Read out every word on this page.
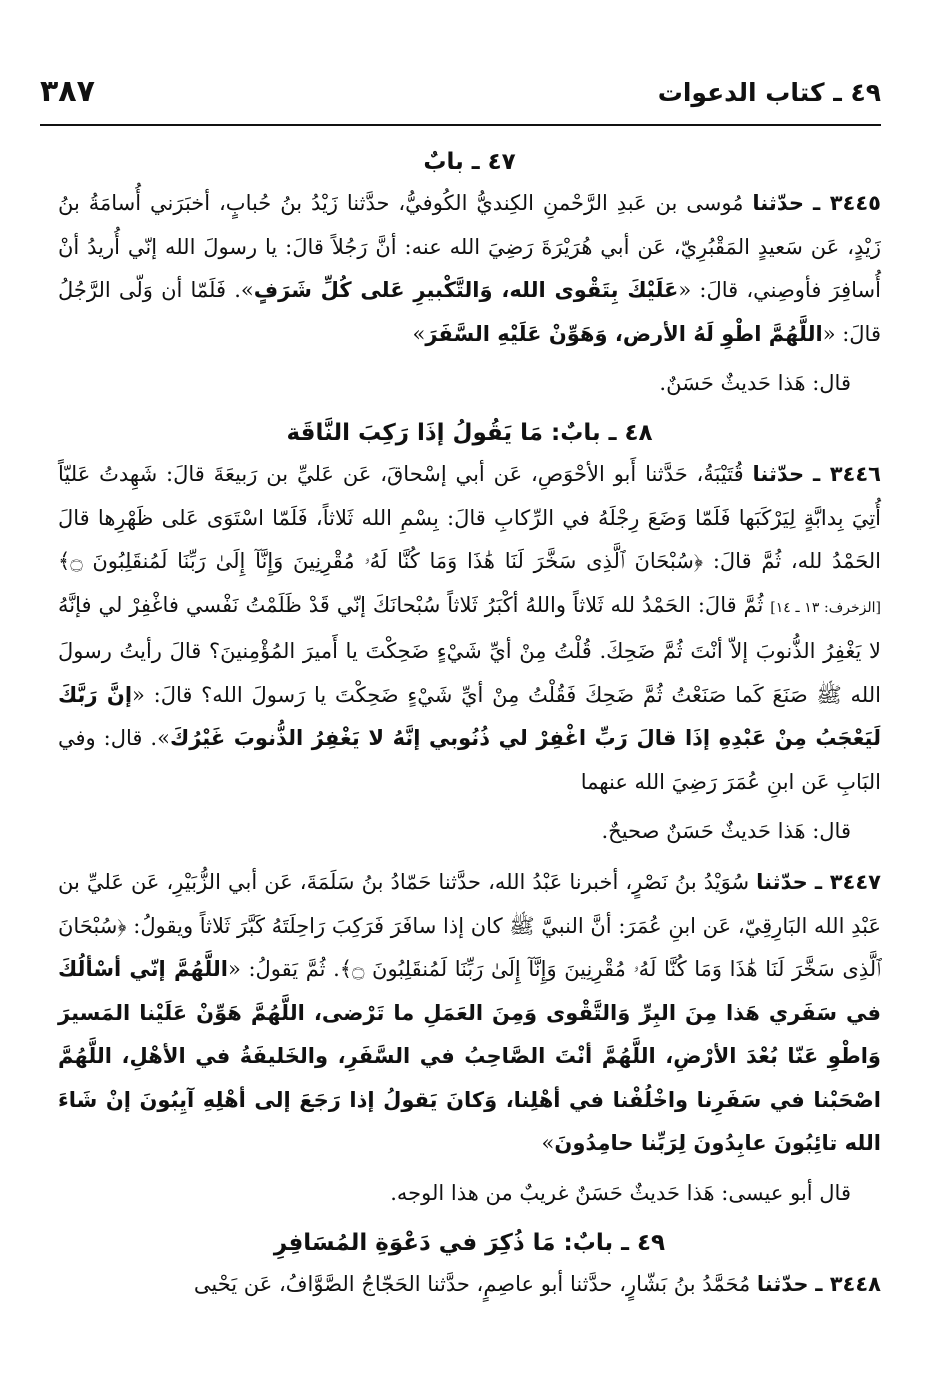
٤٩ ـ كتاب الدعوات
٣٨٧
٤٧ ـ بابٌ

٣٤٤٥ ـ حدّثنا مُوسى بن عَبدِ الرَّحْمنِ الكِنديُّ الكُوفيُّ، حدَّثنا زَيْدُ بنُ حُبابٍ، أخبَرَني أُسامَةُ بنُ زَيْدٍ، عَن سَعيدٍ المَقْبُرِيّ، عَن أبي هُرَيْرَةَ رَضِيَ الله عنه: أنَّ رَجُلاً قالَ: يا رسولَ الله إنّي أُريدُ أنْ أُسافِرَ فأوصِني، قالَ: «عَلَيْكَ بِتَقْوى الله، وَالتَّكْبيرِ عَلى كُلِّ شَرَفٍ». فَلَمّا أن وَلّى الرَّجُلُ قالَ: «اللَّهُمَّ اطْوِ لَهُ الأرض، وَهَوِّنْ عَلَيْهِ السَّفَرَ»

قال: هَذا حَديثٌ حَسَنٌ.
٤٨ ـ بابٌ: مَا يَقُولُ إذَا رَكِبَ النَّاقَة

٣٤٤٦ ـ حدّثنا قُتَيْبَةُ، حَدَّثنا أَبو الأحْوَصِ، عَن أبي إسْحاقَ، عَن عَليِّ بن رَبيعَةَ قالَ: شَهِدتُ عَليّاً أُتِيَ بِدابَّةٍ لِيَرْكَبَها فَلَمّا وَضَعَ رِجْلَهُ في الرِّكابِ قالَ: بِسْمِ الله ثَلاثاً، فَلَمّا اسْتَوَى عَلى ظَهْرِها قالَ الحَمْدُ لله، ثُمَّ قالَ: ﴿سُبْحَانَ ٱلَّذِى سَخَّرَ لَنَا هَٰذَا وَمَا كُنَّا لَهُۥ مُقْرِنِينَ وَإِنَّآ إِلَىٰ رَبِّنَا لَمُنقَلِبُونَ ۝﴾ [الزخرف: ١٣ ـ ١٤] ثُمَّ قالَ: الحَمْدُ لله ثَلاثاً واللهُ أكْبَرُ ثَلاثاً سُبْحانَكَ إنّي قَدْ ظَلَمْتُ نَفْسي فاغْفِرْ لي فإنَّهُ لا يَغْفِرُ الذُّنوبَ إلاّ أنْتَ ثُمَّ ضَحِكَ. قُلْتُ مِنْ أيِّ شَيْءٍ ضَحِكْتَ يا أَميرَ المُؤْمِنينَ؟ قالَ رأيتُ رسولَ الله ﷺ صَنَعَ كَما صَنَعْتُ ثُمَّ ضَحِكَ فَقُلْتُ مِنْ أيِّ شَيْءٍ ضَحِكْتَ يا رَسولَ الله؟ قالَ: «إنَّ رَبَّكَ لَيَعْجَبُ مِنْ عَبْدِهِ إذَا قالَ رَبِّ اغْفِرْ لي ذُنُوبي إنَّهُ لا يَغْفِرُ الذُّنوبَ غَيْرُكَ». قال: وفي البَابِ عَن ابنِ عُمَرَ رَضِيَ الله عنهما

قال: هَذا حَديثٌ حَسَنٌ صحيحٌ.

٣٤٤٧ ـ حدّثنا سُوَيْدُ بنُ نَصْرٍ، أخبرنا عَبْدُ الله، حدَّثنا حَمّادُ بنُ سَلَمَةَ، عَن أبي الزُّبَيْرِ، عَن عَليِّ بن عَبْدِ الله البَارِقِيّ، عَن ابنِ عُمَرَ: أنَّ النبيَّ ﷺ كان إذا سافَرَ فَرَكِبَ رَاحِلَتَهُ كَبَّرَ ثَلاثاً ويقولُ: ﴿سُبْحَانَ ٱلَّذِى سَخَّرَ لَنَا هَٰذَا وَمَا كُنَّا لَهُۥ مُقْرِنِينَ وَإِنَّآ إِلَىٰ رَبِّنَا لَمُنقَلِبُونَ ۝﴾. ثُمَّ يَقولُ: «اللَّهُمَّ إنّي أسْألُكَ في سَفَري هَذا مِنَ البِرِّ وَالتَّقْوى وَمِنَ العَمَلِ ما تَرْضى، اللَّهُمَّ هَوِّنْ عَلَيْنا المَسيرَ وَاطْوِ عَنّا بُعْدَ الأرْضِ، اللَّهُمَّ أنْتَ الصَّاحِبُ في السَّفَرِ، والخَليفَةُ في الأهْلِ، اللَّهُمَّ اصْحَبْنا في سَفَرِنا واخْلُفْنا في أهْلِنا، وَكانَ يَقولُ إذا رَجَعَ إلى أهْلِهِ آيِبُونَ إنْ شَاءَ الله تائِبُونَ عابِدُونَ لِرَبِّنا حامِدُونَ»

قال أبو عيسى: هَذا حَديثٌ حَسَنٌ غريبٌ من هذا الوجه.
٤٩ ـ بابٌ: مَا ذُكِرَ في دَعْوَةِ المُسَافِرِ

٣٤٤٨ ـ حدّثنا مُحَمَّدُ بنُ بَشّارٍ، حدَّثنا أبو عاصِمٍ، حدَّثنا الحَجّاجُ الصَّوَّافُ، عَن يَحْيى
